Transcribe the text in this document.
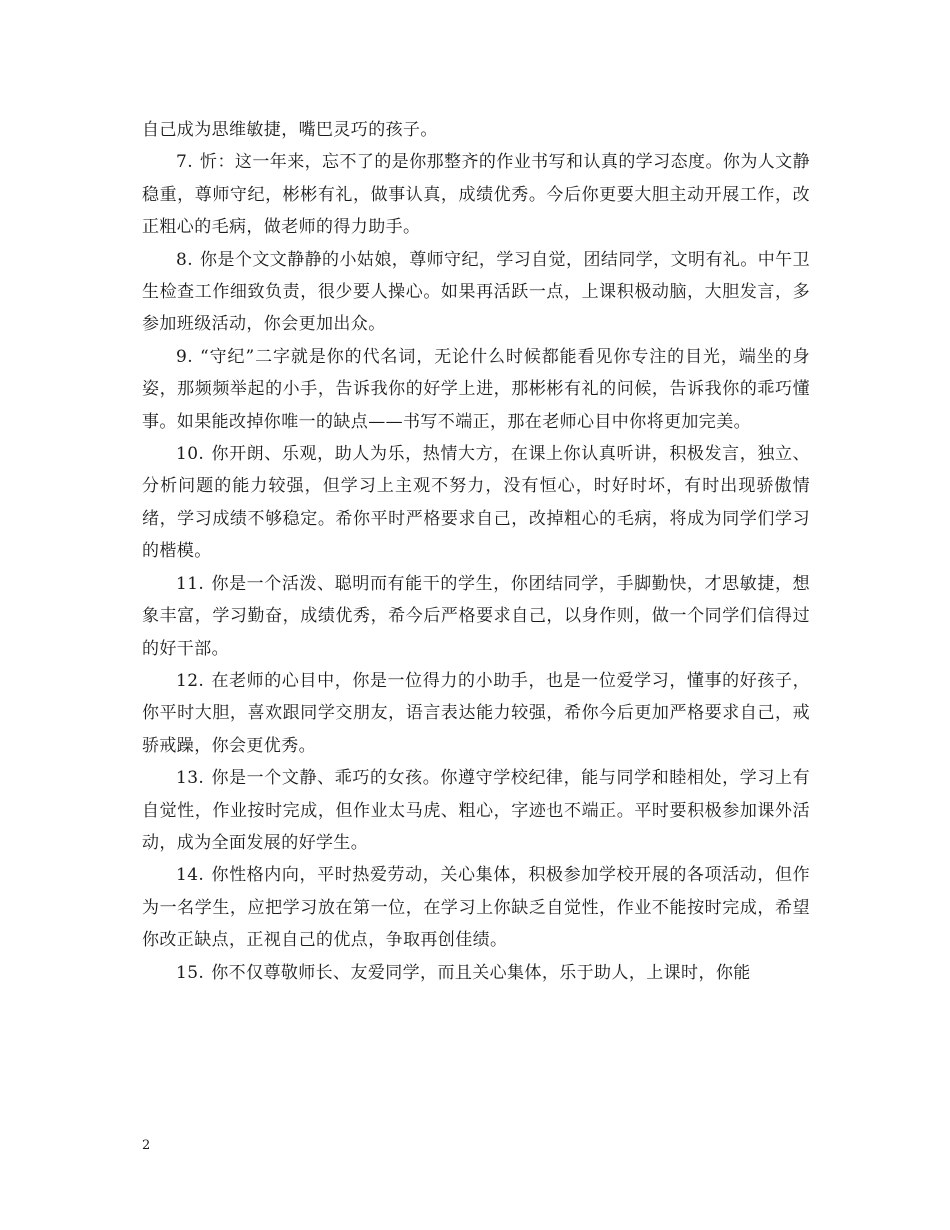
自己成为思维敏捷，嘴巴灵巧的孩子。

7. 忻：这一年来，忘不了的是你那整齐的作业书写和认真的学习态度。你为人文静稳重，尊师守纪，彬彬有礼，做事认真，成绩优秀。今后你更要大胆主动开展工作，改正粗心的毛病，做老师的得力助手。

8. 你是个文文静静的小姑娘，尊师守纪，学习自觉，团结同学，文明有礼。中午卫生检查工作细致负责，很少要人操心。如果再活跃一点，上课积极动脑，大胆发言，多参加班级活动，你会更加出众。

9. “守纪”二字就是你的代名词，无论什么时候都能看见你专注的目光，端坐的身姿，那频频举起的小手，告诉我你的好学上进，那彬彬有礼的问候，告诉我你的乖巧懂事。如果能改掉你唯一的缺点——书写不端正，那在老师心目中你将更加完美。

10. 你开朗、乐观，助人为乐，热情大方，在课上你认真听讲，积极发言，独立、分析问题的能力较强，但学习上主观不努力，没有恒心，时好时坏，有时出现骄傲情绪，学习成绩不够稳定。希你平时严格要求自己，改掉粗心的毛病，将成为同学们学习的楷模。

11. 你是一个活泼、聪明而有能干的学生，你团结同学，手脚勤快，才思敏捷，想象丰富，学习勤奋，成绩优秀，希今后严格要求自己，以身作则，做一个同学们信得过的好干部。

12. 在老师的心目中，你是一位得力的小助手，也是一位爱学习，懂事的好孩子，你平时大胆，喜欢跟同学交朋友，语言表达能力较强，希你今后更加严格要求自己，戒骄戒躁，你会更优秀。

13. 你是一个文静、乖巧的女孩。你遵守学校纪律，能与同学和睦相处，学习上有自觉性，作业按时完成，但作业太马虎、粗心，字迹也不端正。平时要积极参加课外活动，成为全面发展的好学生。

14. 你性格内向，平时热爱劳动，关心集体，积极参加学校开展的各项活动，但作为一名学生，应把学习放在第一位，在学习上你缺乏自觉性，作业不能按时完成，希望你改正缺点，正视自己的优点，争取再创佳绩。

15. 你不仅尊敬师长、友爱同学，而且关心集体，乐于助人，上课时，你能

2
